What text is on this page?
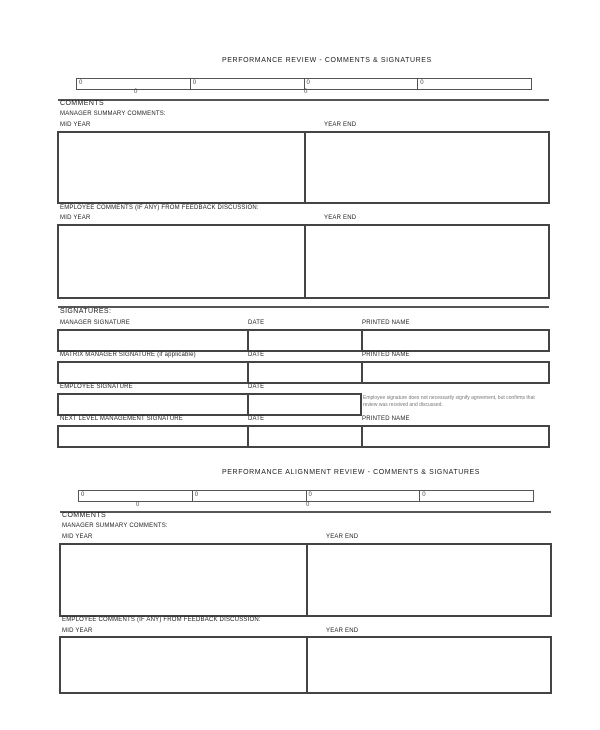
PERFORMANCE REVIEW - COMMENTS & SIGNATURES
0	0	0	0
0	0
COMMENTS
MANAGER SUMMARY COMMENTS:
MID YEAR	YEAR END
EMPLOYEE COMMENTS (IF ANY) FROM FEEDBACK DISCUSSION:
MID YEAR	YEAR END
SIGNATURES:
MANAGER SIGNATURE	DATE	PRINTED NAME
MATRIX MANAGER SIGNATURE (if applicable)	DATE	PRINTED NAME
EMPLOYEE SIGNATURE	DATE
Employee signature does not necessarily signify agreement, but confirms that review was received and discussed.
NEXT LEVEL MANAGEMENT SIGNATURE	DATE	PRINTED NAME
PERFORMANCE ALIGNMENT REVIEW - COMMENTS & SIGNATURES
0	0	0	0
0	0
COMMENTS
MANAGER SUMMARY COMMENTS:
MID YEAR	YEAR END
EMPLOYEE COMMENTS (IF ANY) FROM FEEDBACK DISCUSSION:
MID YEAR	YEAR END
